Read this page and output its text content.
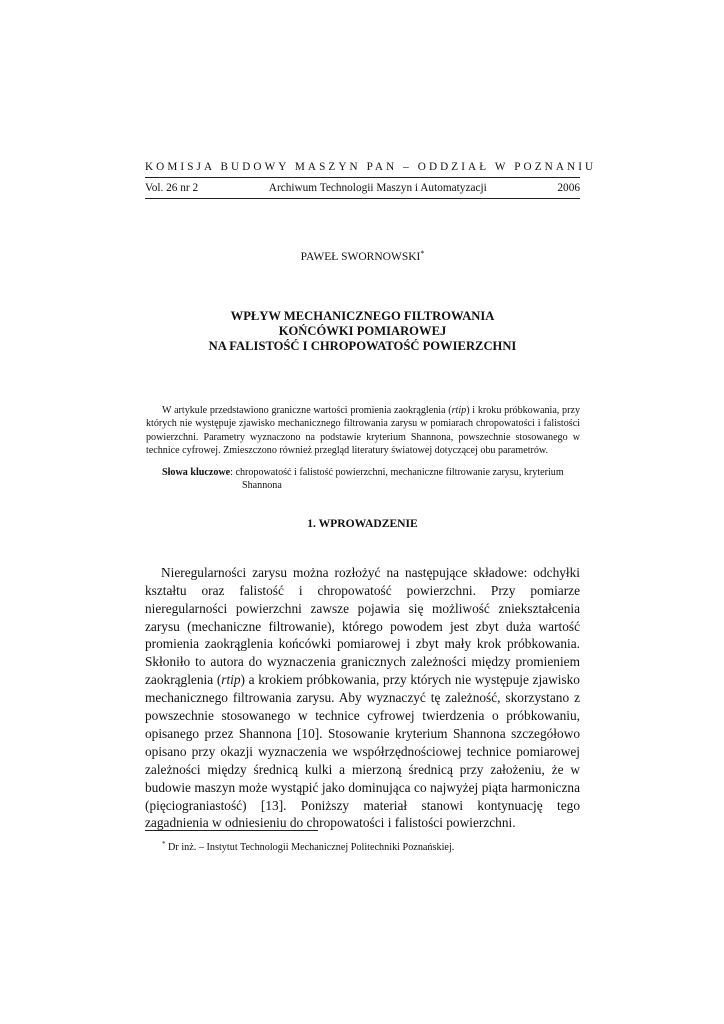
KOMISJA BUDOWY MASZYN PAN – ODDZIAŁ W POZNANIU
Vol. 26 nr 2	Archiwum Technologii Maszyn i Automatyzacji	2006
PAWEŁ SWORNOWSKI*
WPŁYW MECHANICZNEGO FILTROWANIA
KOŃCÓWKI POMIAROWEJ
NA FALISTOŚĆ I CHROPOWATOŚĆ POWIERZCHNI
W artykule przedstawiono graniczne wartości promienia zaokrąglenia (rtip) i kroku próbkowania, przy których nie występuje zjawisko mechanicznego filtrowania zarysu w pomiarach chropowatości i falistości powierzchni. Parametry wyznaczono na podstawie kryterium Shannona, powszechnie stosowanego w technice cyfrowej. Zmieszczono również przegląd literatury światowej dotyczącej obu parametrów.
Słowa kluczowe: chropowatość i falistość powierzchni, mechaniczne filtrowanie zarysu, kryterium Shannona
1. WPROWADZENIE
Nieregularności zarysu można rozłożyć na następujące składowe: odchyłki kształtu oraz falistość i chropowatość powierzchni. Przy pomiarze nieregularności powierzchni zawsze pojawia się możliwość zniekształcenia zarysu (mechaniczne filtrowanie), którego powodem jest zbyt duża wartość promienia zaokrąglenia końcówki pomiarowej i zbyt mały krok próbkowania. Skłoniło to autora do wyznaczenia granicznych zależności między promieniem zaokrąglenia (rtip) a krokiem próbkowania, przy których nie występuje zjawisko mechanicznego filtrowania zarysu. Aby wyznaczyć tę zależność, skorzystano z powszechnie stosowanego w technice cyfrowej twierdzenia o próbkowaniu, opisanego przez Shannona [10]. Stosowanie kryterium Shannona szczegółowo opisano przy okazji wyznaczenia we współrzędnościowej technice pomiarowej zależności między średnicą kulki a mierzoną średnicą przy założeniu, że w budowie maszyn może wystąpić jako dominująca co najwyżej piąta harmoniczna (pięciograniastość) [13]. Poniższy materiał stanowi kontynuację tego zagadnienia w odniesieniu do chropowatości i falistości powierzchni.
* Dr inż. – Instytut Technologii Mechanicznej Politechniki Poznańskiej.
